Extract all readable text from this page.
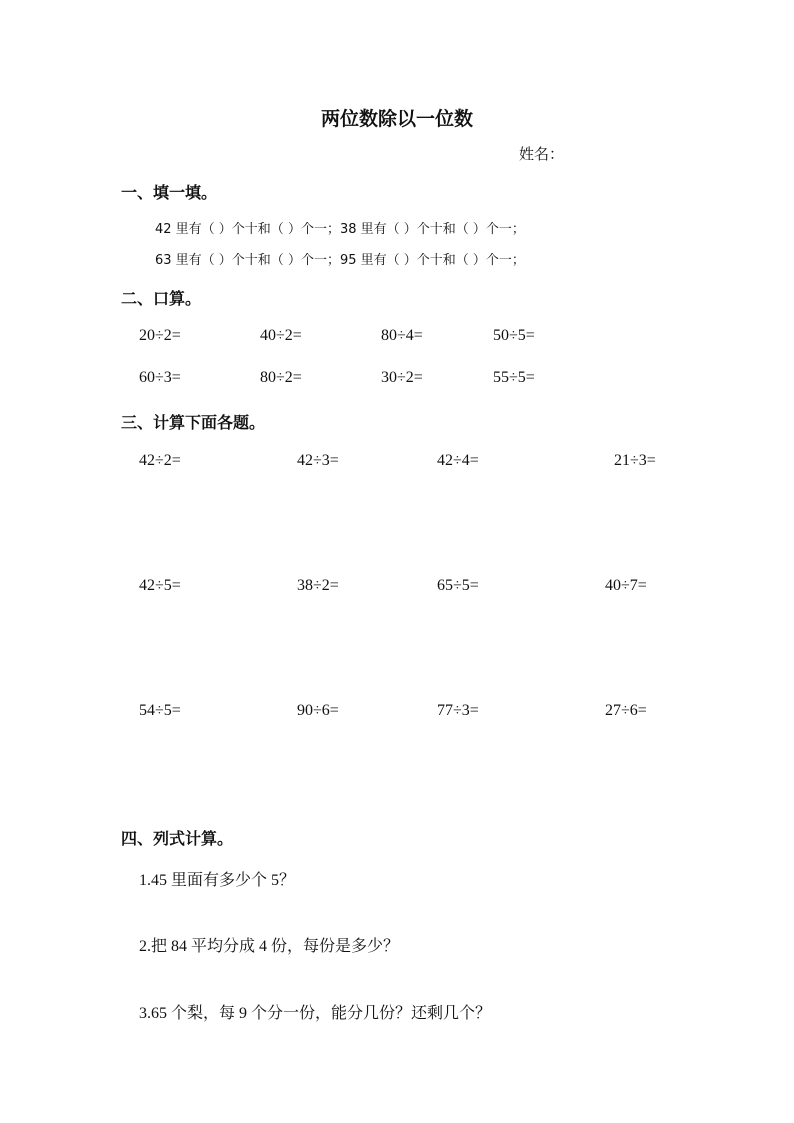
两位数除以一位数
姓名：
一、填一填。
42 里有（ ）个十和（ ）个一；38 里有（ ）个十和（ ）个一；
63 里有（ ）个十和（ ）个一；95 里有（ ）个十和（ ）个一；
二、口算。
20÷2=	40÷2=	80÷4=	50÷5=
60÷3=	80÷2=	30÷2=	55÷5=
三、计算下面各题。
42÷2=	42÷3=	42÷4=	21÷3=
42÷5=	38÷2=	65÷5=	40÷7=
54÷5=	90÷6=	77÷3=	27÷6=
四、列式计算。
1.45 里面有多少个 5？
2.把 84 平均分成 4 份，每份是多少？
3.65 个梨，每 9 个分一份，能分几份？还剩几个？
